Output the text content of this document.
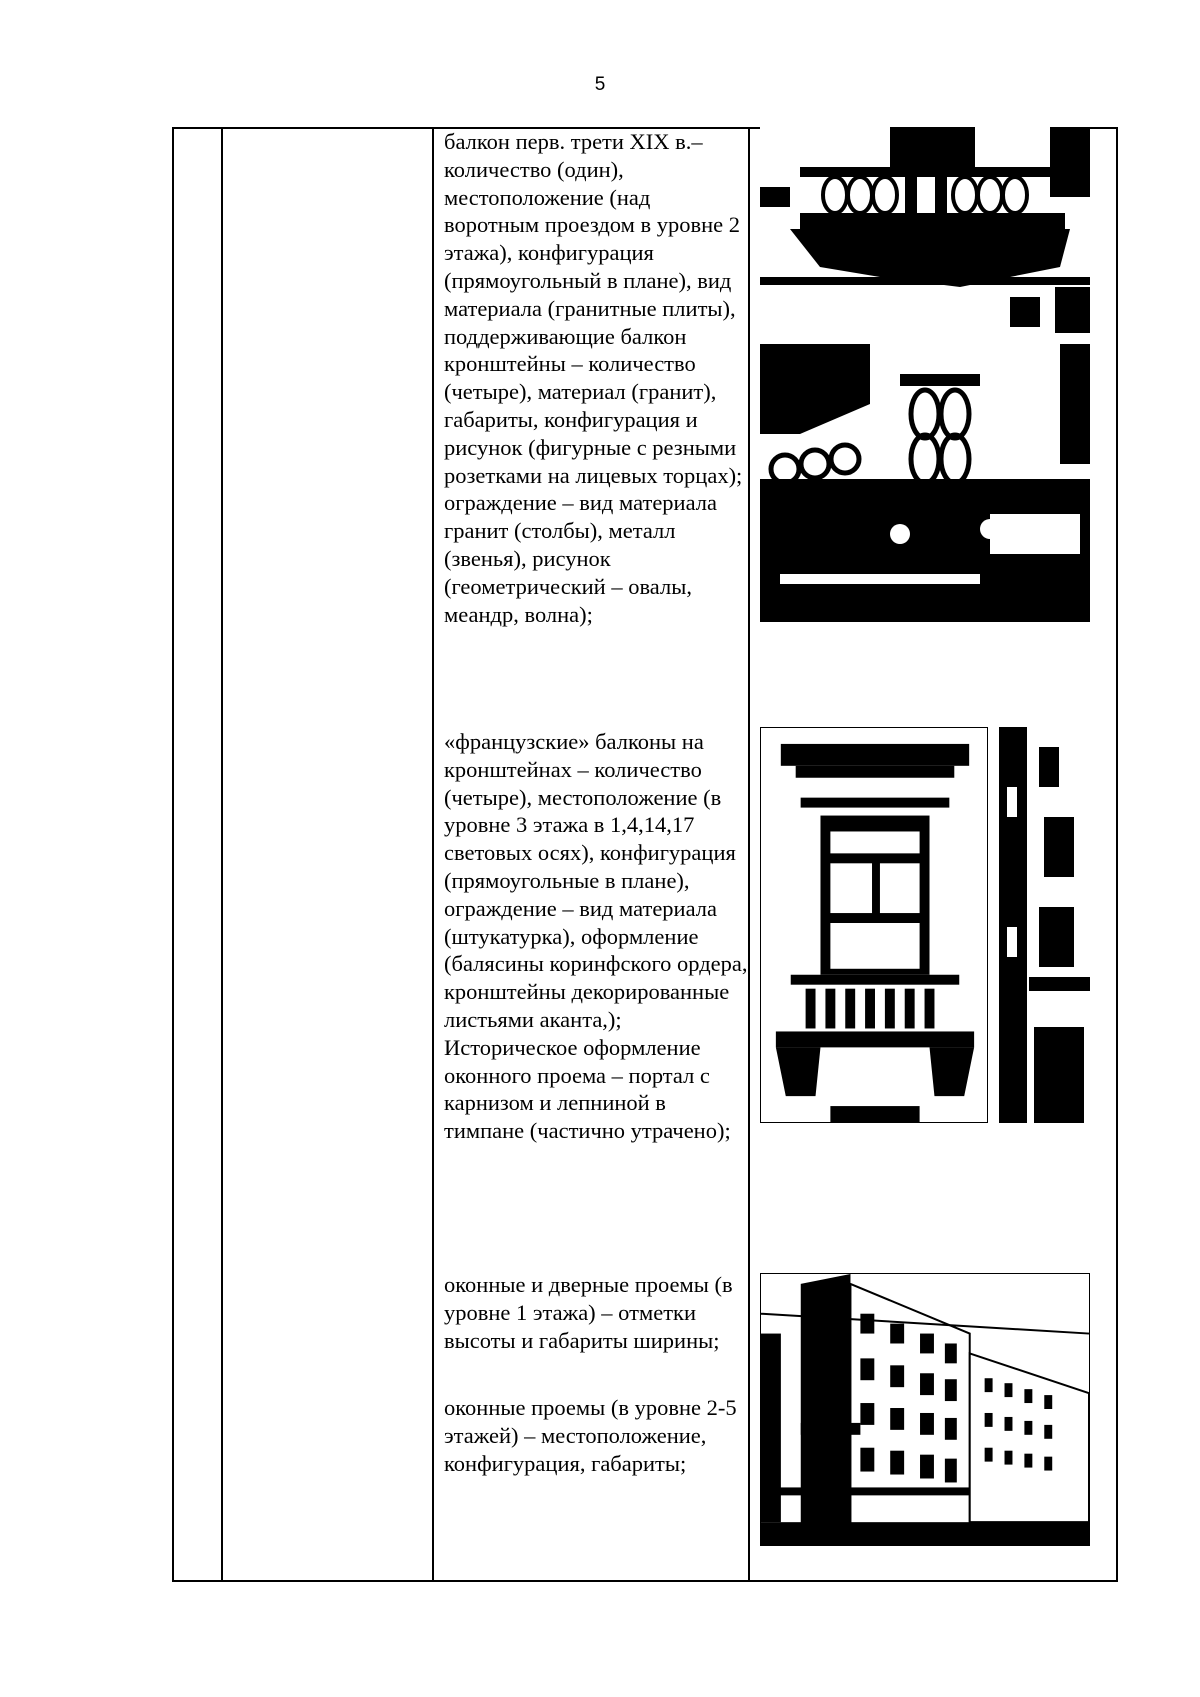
5

балкон перв. трети XIX в.– количество (один), местоположение (над воротным проездом в уровне 2 этажа), конфигурация (прямоугольный в плане), вид материала (гранитные плиты), поддерживающие балкон кронштейны – количество (четыре), материал (гранит), габариты, конфигурация и рисунок (фигурные с резными розетками на лицевых торцах); ограждение – вид материала гранит (столбы), металл (звенья), рисунок (геометрический – овалы, меандр, волна);

«французские» балконы на кронштейнах – количество (четыре), местоположение (в уровне 3 этажа в 1,4,14,17 световых осях), конфигурация (прямоугольные в плане), ограждение – вид материала (штукатурка), оформление (балясины коринфского ордера, кронштейны декорированные листьями аканта,); Историческое оформление оконного проема – портал с карнизом и лепниной в тимпане (частично утрачено);

оконные и дверные проемы (в уровне 1 этажа) – отметки высоты и габариты ширины;

оконные проемы (в уровне 2-5 этажей) – местоположение, конфигурация, габариты;
